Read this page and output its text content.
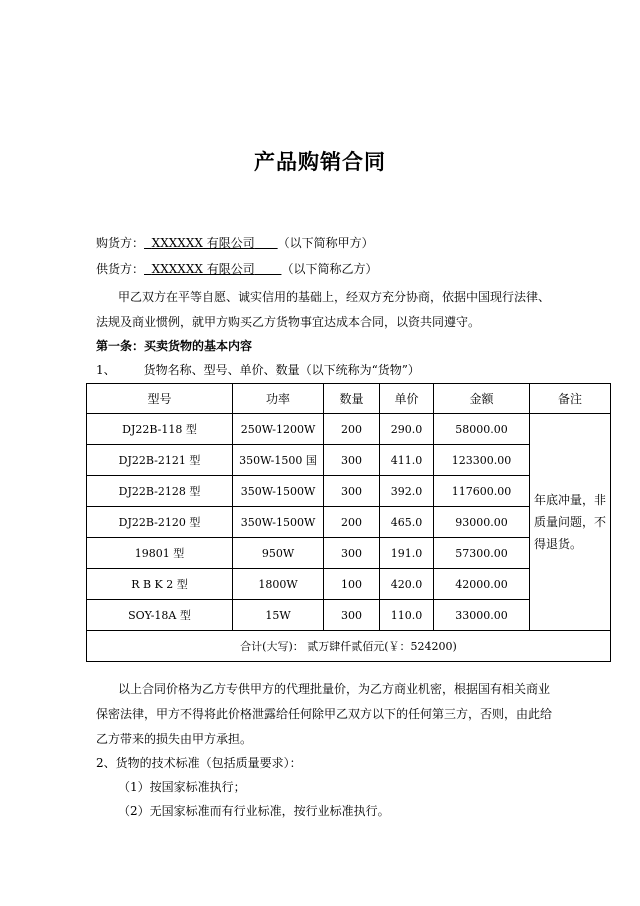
产品购销合同
购货方： XXXXXX 有限公司 （以下简称甲方）
供货方： XXXXXX 有限公司 （以下简称乙方）
甲乙双方在平等自愿、诚实信用的基础上，经双方充分协商，依据中国现行法律、
法规及商业惯例，就甲方购买乙方货物事宜达成本合同，以资共同遵守。
第一条：买卖货物的基本内容
1、 货物名称、型号、单价、数量（以下统称为“货物”）
型号	功率	数量	单价	金额	备注
DJ22B-118 型	250W-1200W	200	290.0	58000.00	年底冲量，非质量问题，不得退货。
DJ22B-2121 型	350W-1500 国	300	411.0	123300.00	
DJ22B-2128 型	350W-1500W	300	392.0	117600.00	
DJ22B-2120 型	350W-1500W	200	465.0	93000.00	
19801 型	950W	300	191.0	57300.00	
R B K 2 型	1800W	100	420.0	42000.00	
SOY-18A 型	15W	300	110.0	33000.00	
合计(大写)： 贰万肆仟贰佰元(￥：524200)					
以上合同价格为乙方专供甲方的代理批量价，为乙方商业机密，根据国有相关商业
保密法律，甲方不得将此价格泄露给任何除甲乙双方以下的任何第三方，否则，由此给
乙方带来的损失由甲方承担。
2、货物的技术标准（包括质量要求）：
（1）按国家标准执行；
（2）无国家标准而有行业标准，按行业标准执行。
